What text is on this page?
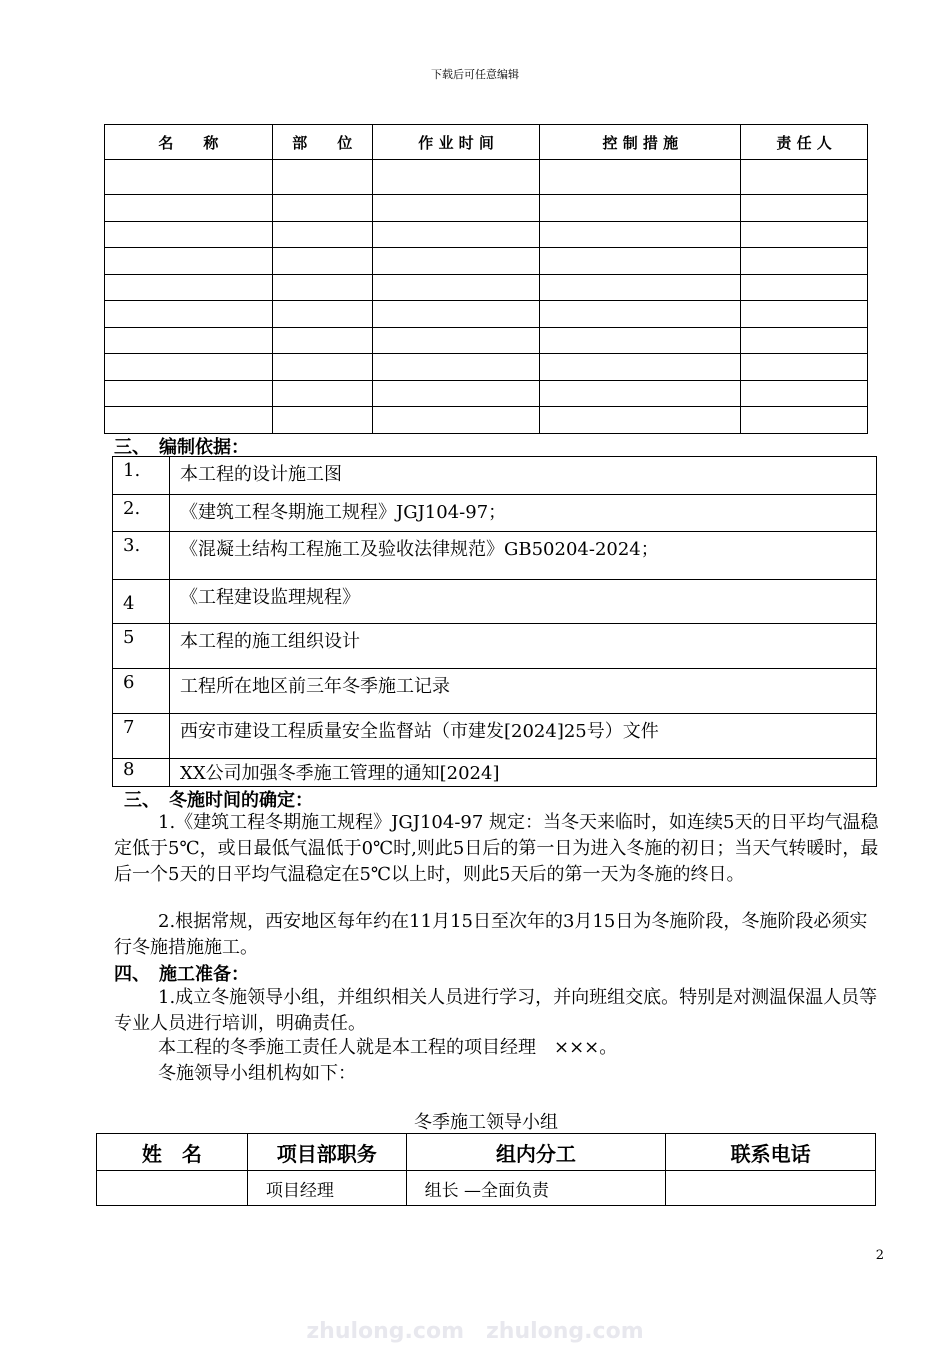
下载后可任意编辑
名　　称	部　　位	作 业 时 间	控 制 措 施	责 任 人

三、　编制依据：
1.	本工程的设计施工图
2.	《建筑工程冬期施工规程》JGJ104-97；
3.	《混凝土结构工程施工及验收法律规范》GB50204-2024；
4	《工程建设监理规程》
5	本工程的施工组织设计
6	工程所在地区前三年冬季施工记录
7	西安市建设工程质量安全监督站（市建发[2024]25号）文件
8	XX公司加强冬季施工管理的通知[2024]
三、　冬施时间的确定：
1.《建筑工程冬期施工规程》JGJ104-97 规定：当冬天来临时，如连续5天的日平均气温稳定低于5℃，或日最低气温低于0℃时,则此5日后的第一日为进入冬施的初日；当天气转暖时，最后一个5天的日平均气温稳定在5℃以上时，则此5天后的第一天为冬施的终日。
2.根据常规，西安地区每年约在11月15日至次年的3月15日为冬施阶段，冬施阶段必须实行冬施措施施工。
四、　施工准备：
1.成立冬施领导小组，并组织相关人员进行学习，并向班组交底。特别是对测温保温人员等专业人员进行培训，明确责任。
本工程的冬季施工责任人就是本工程的项目经理　×××。
冬施领导小组机构如下：
冬季施工领导小组
姓　名	项目部职务	组内分工	联系电话
	项目经理	组长 —全面负责	
2
zhulong.com　zhulong.com
